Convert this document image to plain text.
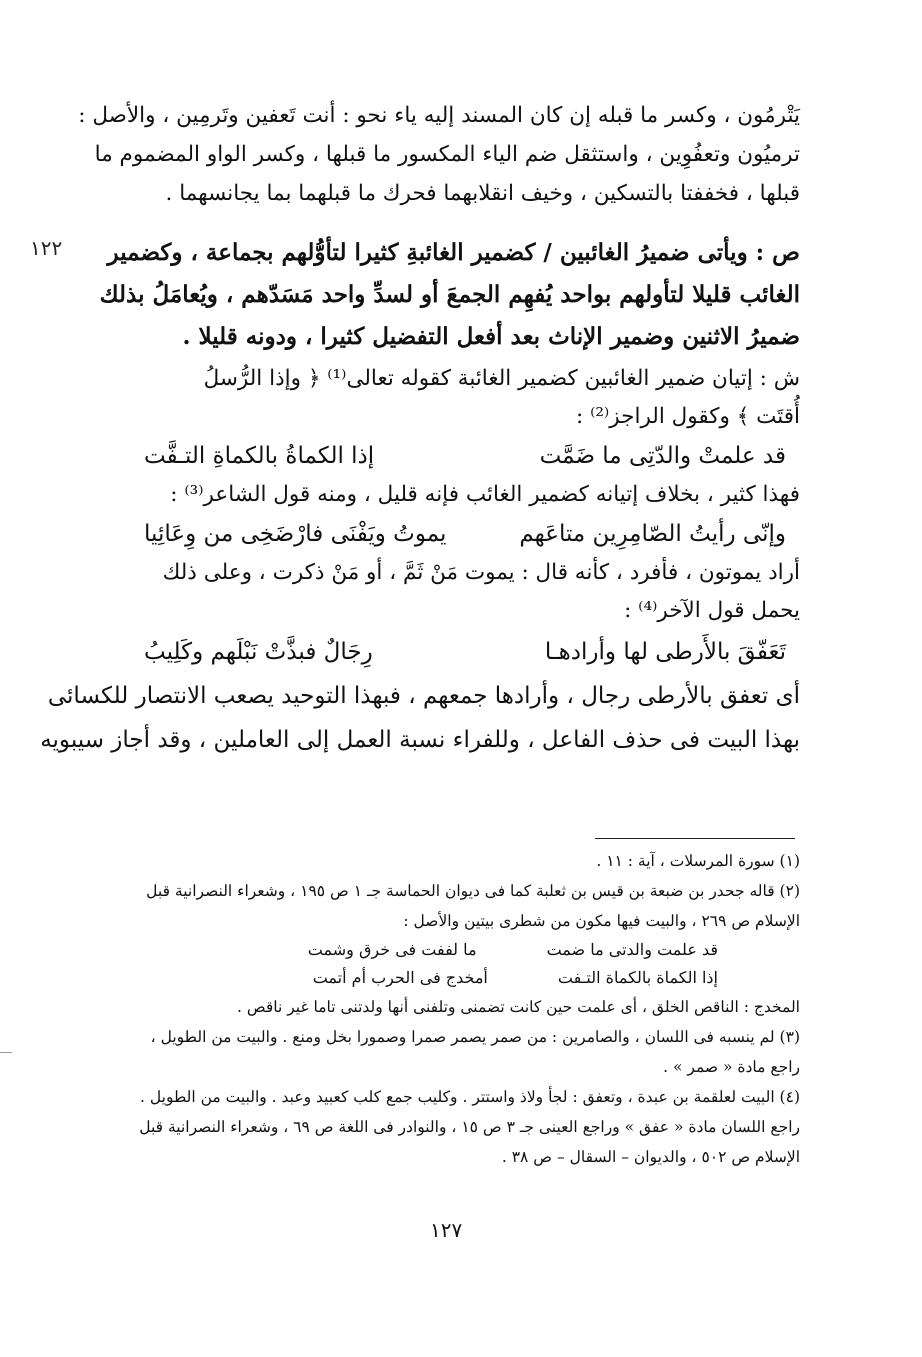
١٢٢
يَتْرمُون ، وكسر ما قبله إن كان المسند إليه ياء نحو : أنت تَعفين وتَرمِين ، والأصل :
ترميُون وتعفُوِين ، واستثقل ضم الياء المكسور ما قبلها ، وكسر الواو المضموم ما
قبلها ، فخففتا بالتسكين ، وخيف انقلابهما فحرك ما قبلهما بما يجانسهما .
ص : ويأتى ضميرُ الغائبين / كضمير الغائبةِ كثيرا لتأوُّلهم بجماعة ، وكضمير
الغائب قليلا لتأولهم بواحد يُفهِم الجمعَ أو لسدِّ واحد مَسَدّهم ، ويُعامَلُ بذلك
ضميرُ الاثنين وضمير الإناث بعد أفعل التفضيل كثيرا ، ودونه قليلا .
ش : إتيان ضمير الغائبين كضمير الغائبة كقوله تعالى⁽¹⁾ ﴿ وإذا الرُّسلُ
أُقتَت ﴾ وكقول الراجز⁽²⁾ :
قد علمتْ والدّتِى ما ضَمَّت
إذا الكماةُ بالكماةِ التـفَّت
فهذا كثير ، بخلاف إتيانه كضمير الغائب فإنه قليل ، ومنه قول الشاعر⁽³⁾ :
وإنّى رأيتُ الصّامِرِين متاعَهم
يموتُ ويَفْنَى فارْضَخِى من وِعَائِيا
أراد يموتون ، فأفرد ، كأنه قال : يموت مَنْ ثَمَّ ، أو مَنْ ذكرت ، وعلى ذلك
يحمل قول الآخر⁽⁴⁾ :
تَعَفّقَ بالأَرطى لها وأرادهـا
رِجَالٌ فبذَّتْ نَبْلَهم وكَلِيبُ
أى تعفق بالأرطى رجال ، وأرادها جمعهم ، فبهذا التوحيد يصعب الانتصار للكسائى
بهذا البيت فى حذف الفاعل ، وللفراء نسبة العمل إلى العاملين ، وقد أجاز سيبويه
(١) سورة المرسلات ، آية : ١١ .
(٢) قاله جحدر بن ضبعة بن قيس بن ثعلبة كما فى ديوان الحماسة جـ ١ ص ١٩٥ ، وشعراء النصرانية قبل
الإسلام ص ٢٦٩ ، والبيت فيها مكون من شطرى بيتين والأصل :
قد علمت والدتى ما ضمت
ما لففت فى خرق وشمت
إذا الكماة بالكماة التـفت
أمخدج فى الحرب أم أتمت
المخدج : الناقص الخلق ، أى علمت حين كانت تضمنى وتلفنى أنها ولدتنى تاما غير ناقص .
(٣) لم ينسبه فى اللسان ، والصامرين : من صمر يصمر صمرا وصمورا بخل ومنع . والبيت من الطويل ،
راجع مادة « صمر » .
(٤) البيت لعلقمة بن عبدة ، وتعفق : لجأ ولاذ واستتر . وكليب جمع كلب كعبيد وعبد . والبيت من الطويل .
راجع اللسان مادة « عفق » وراجع العينى جـ ٣ ص ١٥ ، والنوادر فى اللغة ص ٦٩ ، وشعراء النصرانية قبل
الإسلام ص ٥٠٢ ، والديوان – السقال – ص ٣٨ .
١٢٧
